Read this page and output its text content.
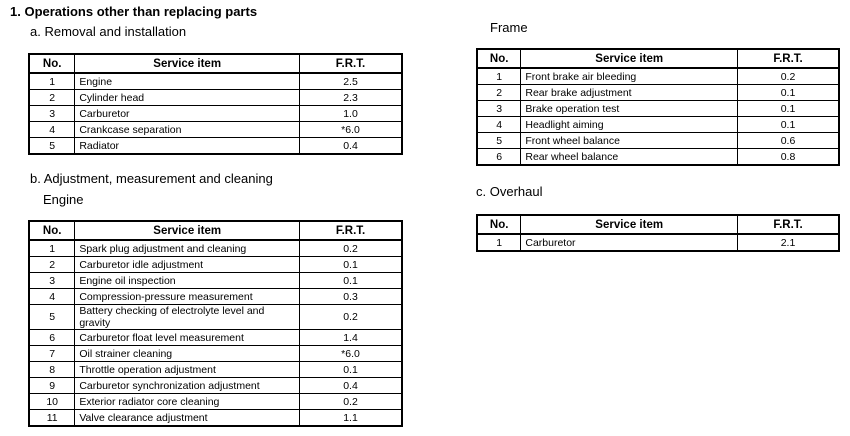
1. Operations other than replacing parts
a. Removal and installation
b. Adjustment, measurement and cleaning
Engine
Frame
c. Overhaul
No.	Service item	F.R.T.
1	Engine	2.5
2	Cylinder head	2.3
3	Carburetor	1.0
4	Crankcase separation	*6.0
5	Radiator	0.4
No.	Service item	F.R.T.
1	Spark plug adjustment and cleaning	0.2
2	Carburetor idle adjustment	0.1
3	Engine oil inspection	0.1
4	Compression-pressure measurement	0.3
5	Battery checking of electrolyte level and gravity	0.2
6	Carburetor float level measurement	1.4
7	Oil strainer cleaning	*6.0
8	Throttle operation adjustment	0.1
9	Carburetor synchronization adjustment	0.4
10	Exterior radiator core cleaning	0.2
11	Valve clearance adjustment	1.1
No.	Service item	F.R.T.
1	Front brake air bleeding	0.2
2	Rear brake adjustment	0.1
3	Brake operation test	0.1
4	Headlight aiming	0.1
5	Front wheel balance	0.6
6	Rear wheel balance	0.8
No.	Service item	F.R.T.
1	Carburetor	2.1
